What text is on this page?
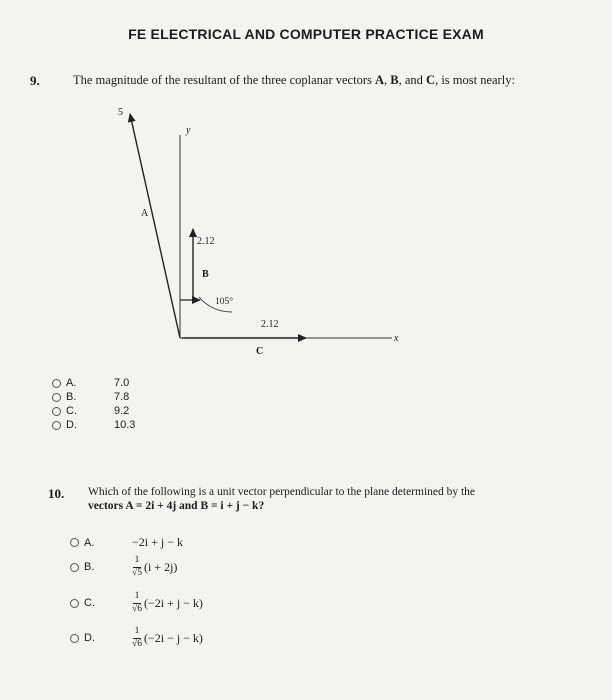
FE ELECTRICAL AND COMPUTER PRACTICE EXAM
9.	The magnitude of the resultant of the three coplanar vectors A, B, and C, is most nearly:
5
y
A
2.12
B
105°
2.12
C
x
A.	7.0
B.	7.8
C.	9.2
D.	10.3
10. Which of the following is a unit vector perpendicular to the plane determined by the
vectors A = 2i + 4j and B = i + j − k?
A.	−2i + j − k
B.	$\frac{1}{√5} (i + 2j)$
C.	$\frac{1}{√6} (-2i + j - k)$
D.	$\frac{1}{√6} (-2i - j - k)$
